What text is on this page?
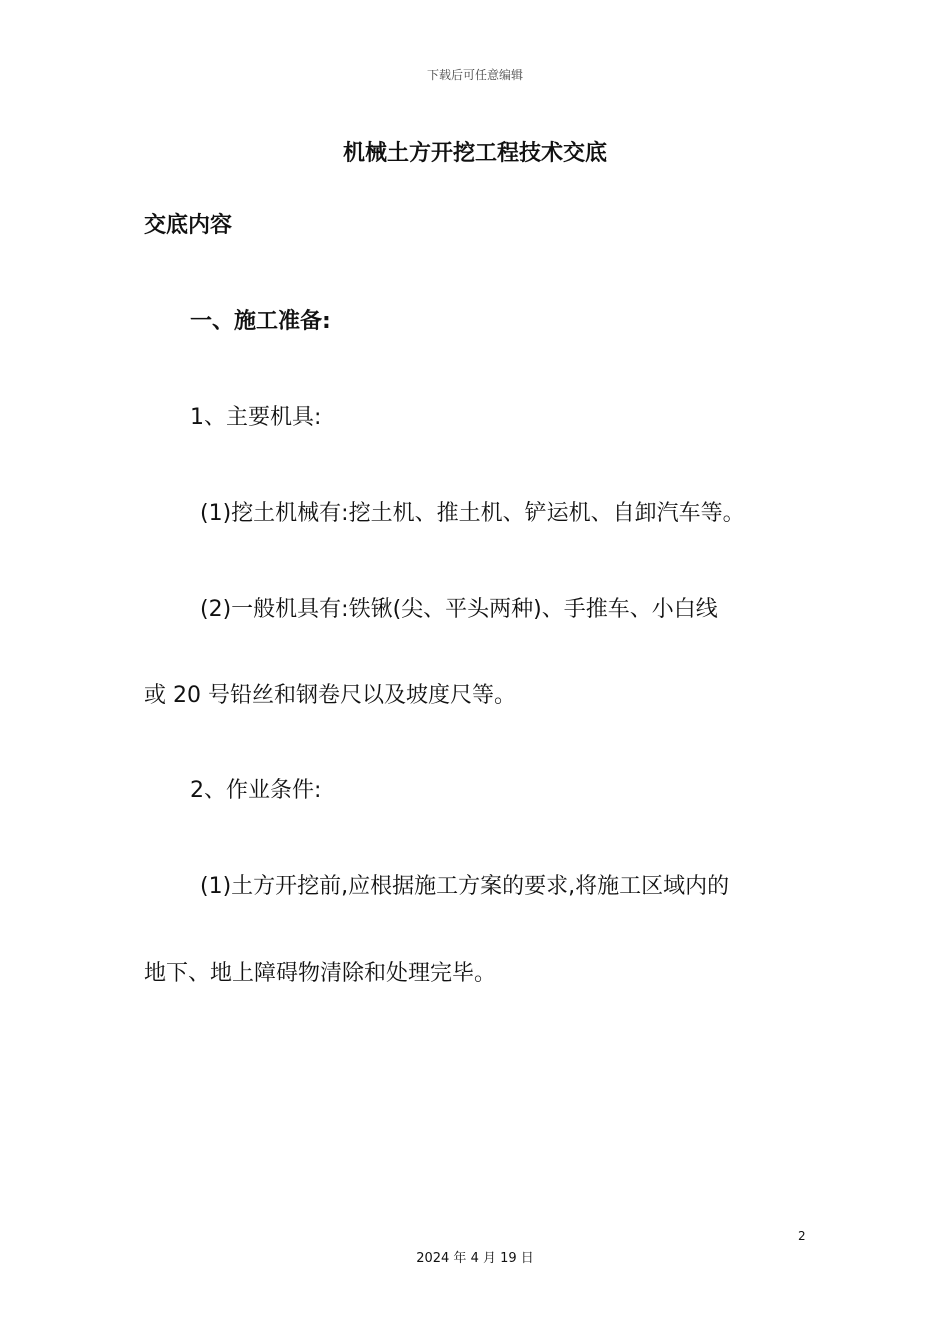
下载后可任意编辑
机械土方开挖工程技术交底
交底内容
一、施工准备:
1、主要机具:
(1)挖土机械有:挖土机、推土机、铲运机、自卸汽车等。
(2)一般机具有:铁锹(尖、平头两种)、手推车、小白线
或 20 号铅丝和钢卷尺以及坡度尺等。
2、作业条件:
(1)土方开挖前,应根据施工方案的要求,将施工区域内的
地下、地上障碍物清除和处理完毕。
2
2024 年 4 月 19 日
